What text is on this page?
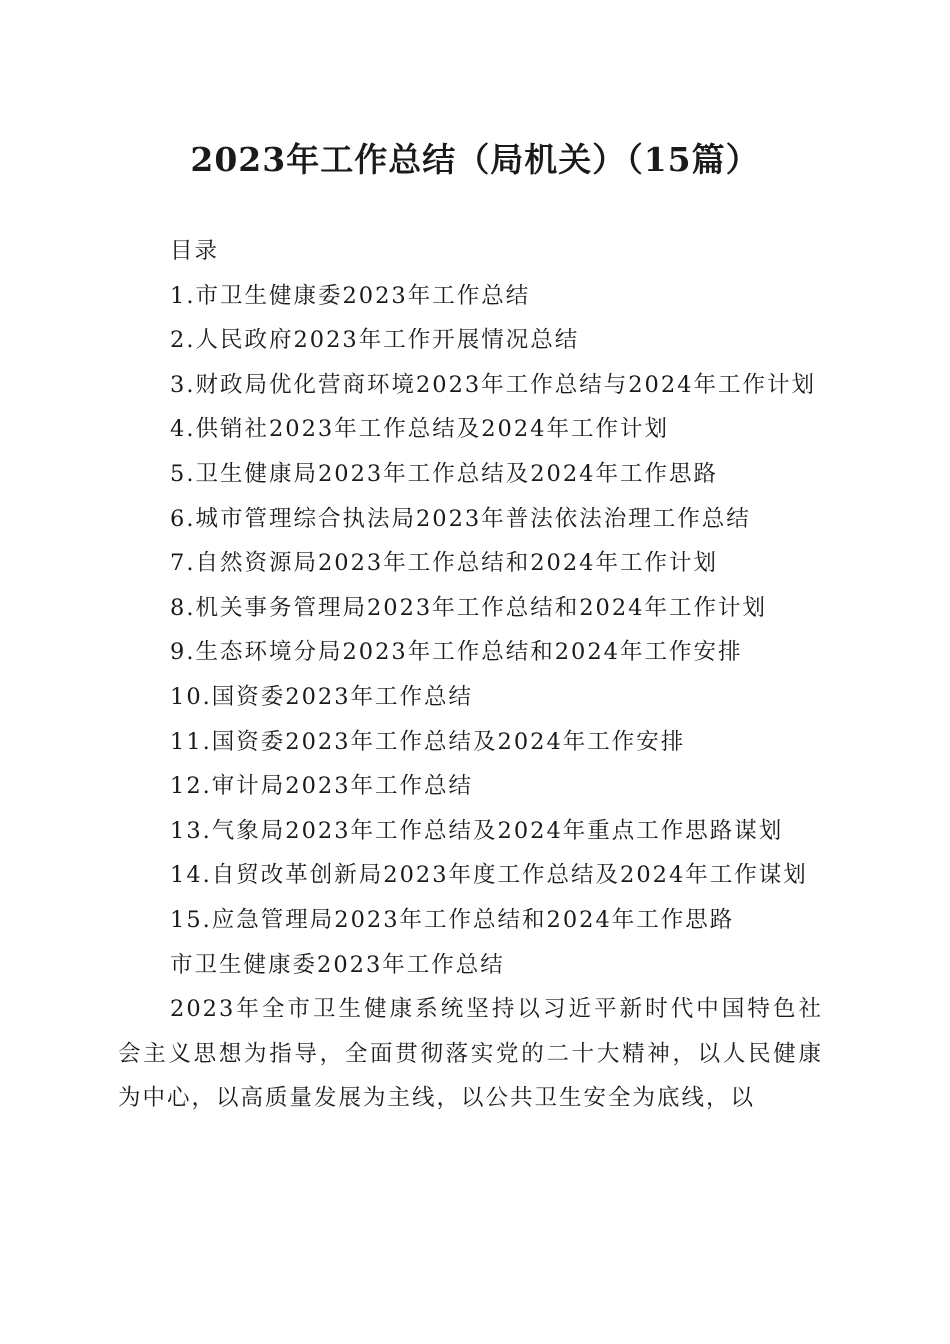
2023年工作总结（局机关）（15篇）

目录

1.市卫生健康委2023年工作总结

2.人民政府2023年工作开展情况总结

3.财政局优化营商环境2023年工作总结与2024年工作计划

4.供销社2023年工作总结及2024年工作计划

5.卫生健康局2023年工作总结及2024年工作思路

6.城市管理综合执法局2023年普法依法治理工作总结

7.自然资源局2023年工作总结和2024年工作计划

8.机关事务管理局2023年工作总结和2024年工作计划

9.生态环境分局2023年工作总结和2024年工作安排

10.国资委2023年工作总结

11.国资委2023年工作总结及2024年工作安排

12.审计局2023年工作总结

13.气象局2023年工作总结及2024年重点工作思路谋划

14.自贸改革创新局2023年度工作总结及2024年工作谋划

15.应急管理局2023年工作总结和2024年工作思路

市卫生健康委2023年工作总结

2023年全市卫生健康系统坚持以习近平新时代中国特色社会主义思想为指导，全面贯彻落实党的二十大精神，以人民健康为中心，以高质量发展为主线，以公共卫生安全为底线，以
